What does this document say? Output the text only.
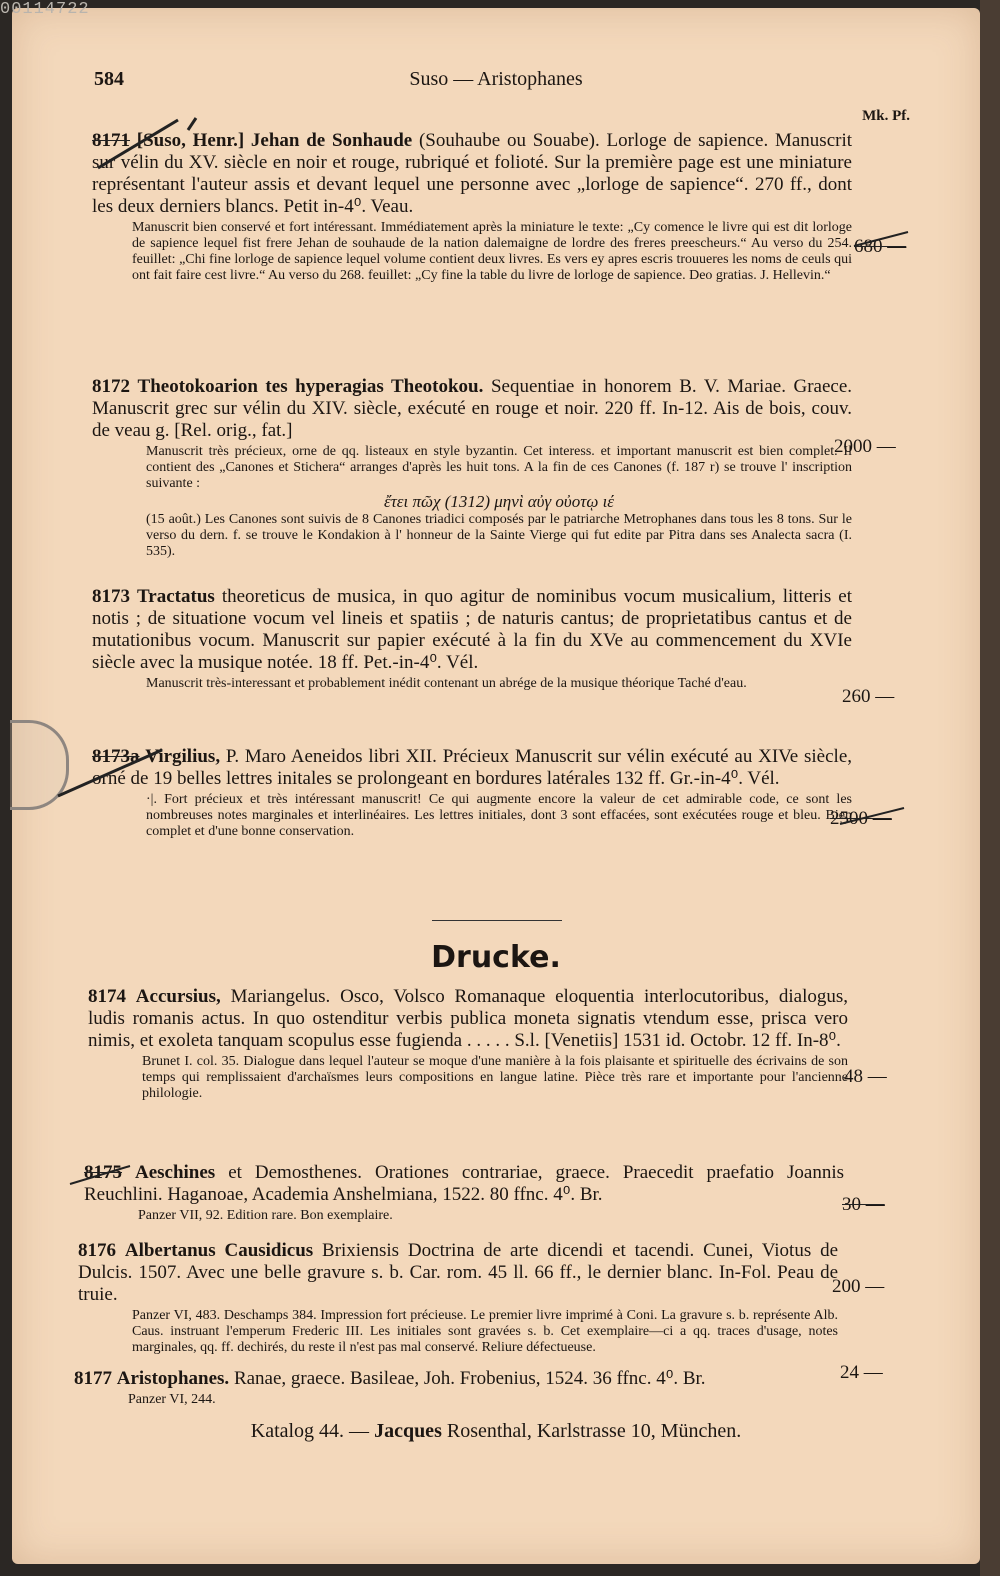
584	Suso — Aristophanes
Mk. Pf.
8171 [Suso, Henr.] Jehan de Sonhaude (Souhaube ou Souabe). Lorloge de sapience. Manuscrit sur vélin du XV. siècle en noir et rouge, rubriqué et folioté. Sur la première page est une miniature représentant l'auteur assis et devant lequel une personne avec „lorloge de sapience“. 270 ff., dont les deux derniers blancs. Petit in-4⁰. Veau.
Manuscrit bien conservé et fort intéressant. Immédiatement après la miniature le texte: „Cy comence le livre qui est dit lorloge de sapience lequel fist frere Jehan de souhaude de la nation dalemaigne de lordre des freres preescheurs.“ Au verso du 254. feuillet: „Chi fine lorloge de sapience lequel volume contient deux livres. Es vers ey apres escris trouueres les noms de ceuls qui ont fait faire cest livre.“ Au verso du 268. feuillet: „Cy fine la table du livre de lorloge de sapience. Deo gratias. J. Hellevin.“
680 —
8172 Theotokoarion tes hyperagias Theotokou. Sequentiae in honorem B. V. Mariae. Graece. Manuscrit grec sur vélin du XIV. siècle, exécuté en rouge et noir. 220 ff. In-12. Ais de bois, couv. de veau g. [Rel. orig., fat.]
Manuscrit très précieux, orne de qq. listeaux en style byzantin. Cet interess. et important manuscrit est bien complet. Il contient des „Canones et Stichera“ arranges d'après les huit tons. A la fin de ces Canones (f. 187 r) se trouve l' inscription suivante :
ἔτει πῶχ (1312) μηνὶ αὐγ οὐοτῳ ιέ
(15 août.) Les Canones sont suivis de 8 Canones triadici composés par le patriarche Metrophanes dans tous les 8 tons. Sur le verso du dern. f. se trouve le Kondakion à l' honneur de la Sainte Vierge qui fut edite par Pitra dans ses Analecta sacra (I. 535).
2000 —
8173 Tractatus theoreticus de musica, in quo agitur de nominibus vocum musicalium, litteris et notis ; de situatione vocum vel lineis et spatiis ; de naturis cantus; de proprietatibus cantus et de mutationibus vocum. Manuscrit sur papier exécuté à la fin du XVe au commencement du XVIe siècle avec la musique notée. 18 ff. Pet.-in-4⁰. Vél.
Manuscrit très-interessant et probablement inédit contenant un abrége de la musique théorique Taché d'eau.
260 —
8173a Virgilius, P. Maro Aeneidos libri XII. Précieux Manuscrit sur vélin exécuté au XIVe siècle, orné de 19 belles lettres initales se prolongeant en bordures latérales 132 ff. Gr.-in-4⁰. Vél.
·|. Fort précieux et très intéressant manuscrit! Ce qui augmente encore la valeur de cet admirable code, ce sont les nombreuses notes marginales et interlinéaires. Les lettres initiales, dont 3 sont effacées, sont exécutées rouge et bleu. Bien complet et d'une bonne conservation.
2500 —
Drucke.
8174 Accursius, Mariangelus. Osco, Volsco Romanaque eloquentia interlocutoribus, dialogus, ludis romanis actus. In quo ostenditur verbis publica moneta signatis vtendum esse, prisca vero nimis, et exoleta tanquam scopulus esse fugienda . . . . . S.l. [Venetiis] 1531 id. Octobr. 12 ff. In-8⁰.
Brunet I. col. 35. Dialogue dans lequel l'auteur se moque d'une manière à la fois plaisante et spirituelle des écrivains de son temps qui remplissaient d'archaïsmes leurs compositions en langue latine. Pièce très rare et importante pour l'ancienne philologie.
48 —
8175 Aeschines et Demosthenes. Orationes contrariae, graece. Praecedit praefatio Joannis Reuchlini. Haganoae, Academia Anshelmiana, 1522. 80 ffnc. 4⁰. Br.
Panzer VII, 92. Edition rare. Bon exemplaire.
30 —
8176 Albertanus Causidicus Brixiensis Doctrina de arte dicendi et tacendi. Cunei, Viotus de Dulcis. 1507. Avec une belle gravure s. b. Car. rom. 45 ll. 66 ff., le dernier blanc. In-Fol. Peau de truie.
Panzer VI, 483. Deschamps 384. Impression fort précieuse. Le premier livre imprimé à Coni. La gravure s. b. représente Alb. Caus. instruant l'emperum Frederic III. Les initiales sont gravées s. b. Cet exemplaire—ci a qq. traces d'usage, notes marginales, qq. ff. dechirés, du reste il n'est pas mal conservé. Reliure défectueuse.
200 —
8177 Aristophanes. Ranae, graece. Basileae, Joh. Frobenius, 1524. 36 ffnc. 4⁰. Br.
Panzer VI, 244.
24 —
Katalog 44. — Jacques Rosenthal, Karlstrasse 10, München.
00114722
